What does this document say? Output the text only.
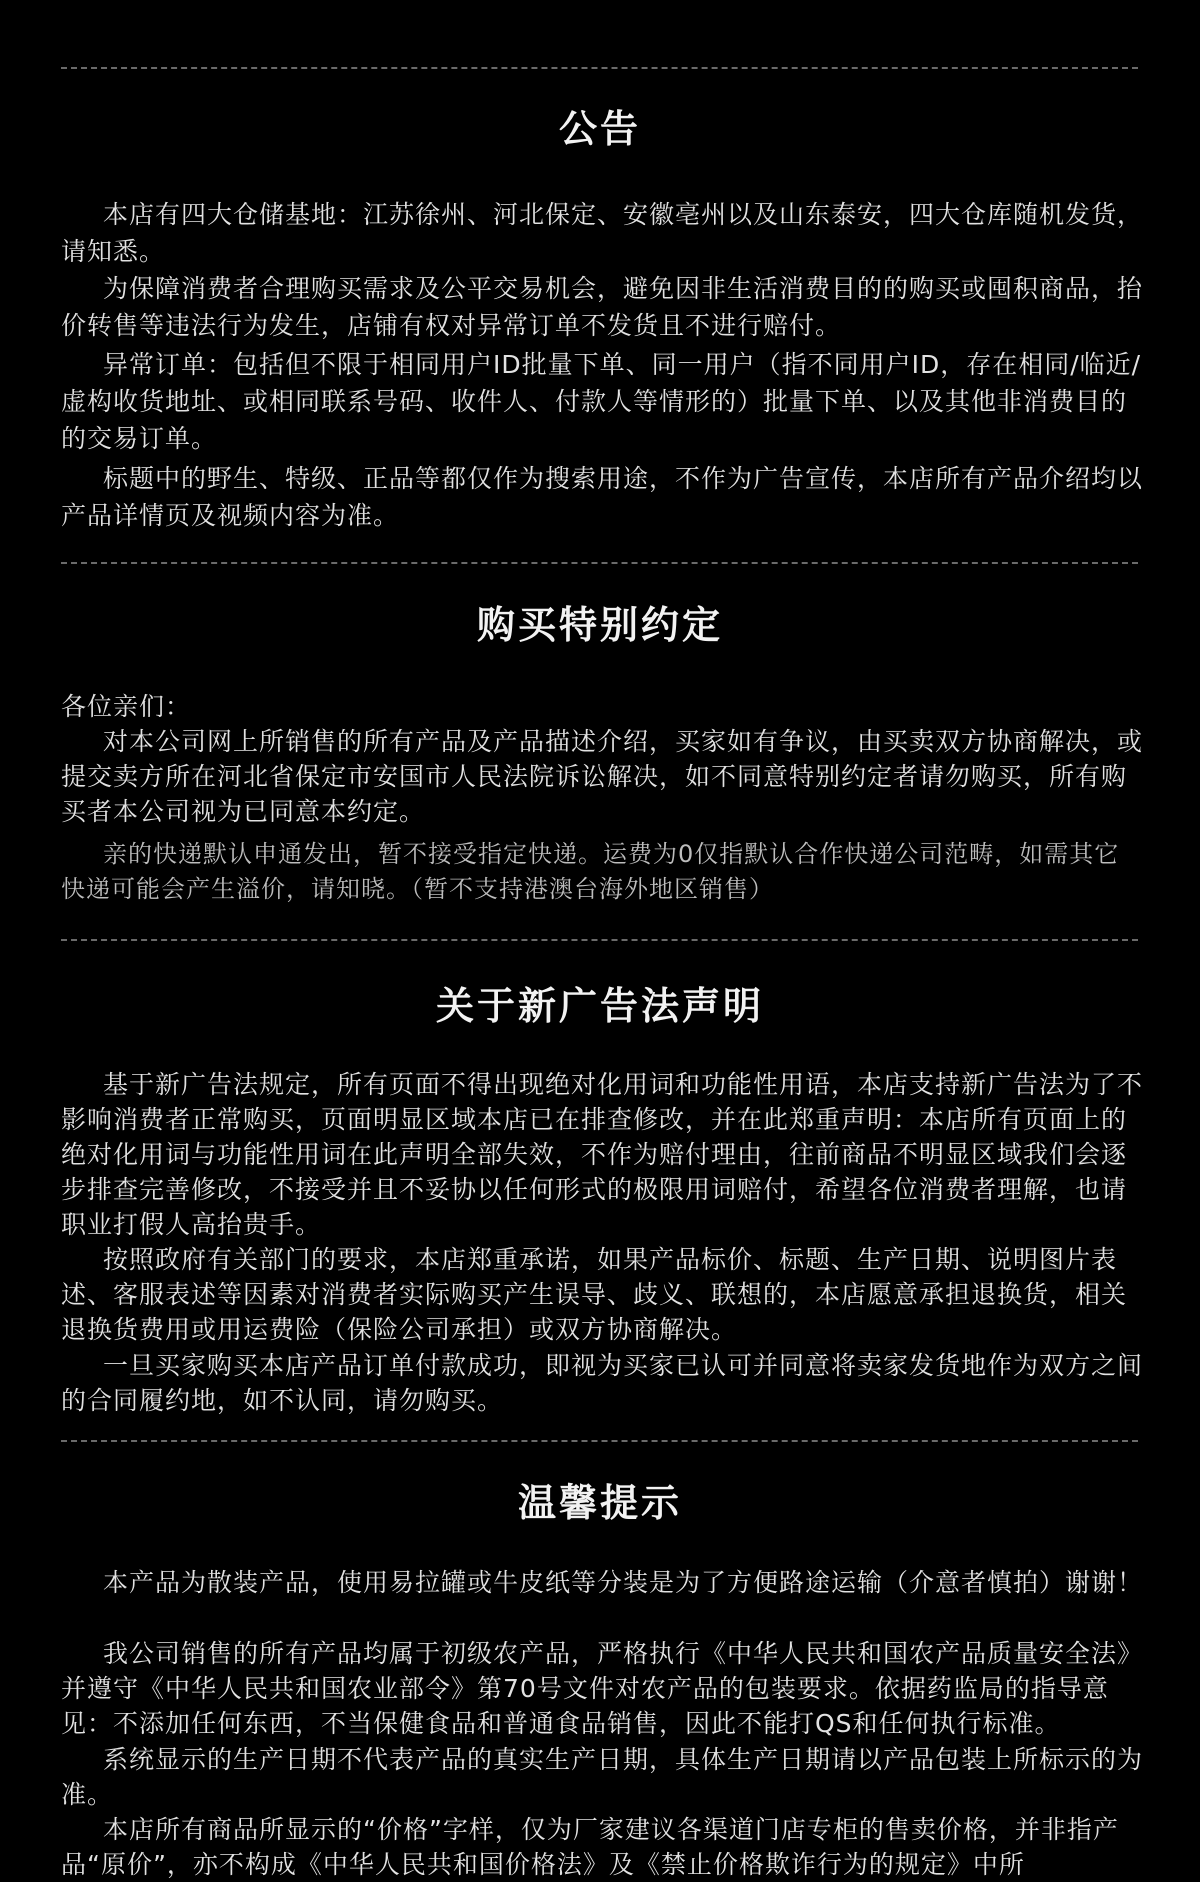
公告

本店有四大仓储基地：江苏徐州、河北保定、安徽亳州以及山东泰安，四大仓库随机发货，请知悉。

为保障消费者合理购买需求及公平交易机会，避免因非生活消费目的的购买或囤积商品，抬价转售等违法行为发生，店铺有权对异常订单不发货且不进行赔付。

异常订单：包括但不限于相同用户ID批量下单、同一用户（指不同用户ID，存在相同/临近/虚构收货地址、或相同联系号码、收件人、付款人等情形的）批量下单、以及其他非消费目的的交易订单。

标题中的野生、特级、正品等都仅作为搜索用途，不作为广告宣传，本店所有产品介绍均以产品详情页及视频内容为准。

购买特别约定

各位亲们：

对本公司网上所销售的所有产品及产品描述介绍，买家如有争议，由买卖双方协商解决，或提交卖方所在河北省保定市安国市人民法院诉讼解决，如不同意特别约定者请勿购买，所有购买者本公司视为已同意本约定。

亲的快递默认申通发出，暂不接受指定快递。运费为0仅指默认合作快递公司范畴，如需其它快递可能会产生溢价，请知晓。（暂不支持港澳台海外地区销售）

关于新广告法声明

基于新广告法规定，所有页面不得出现绝对化用词和功能性用语，本店支持新广告法为了不影响消费者正常购买，页面明显区域本店已在排查修改，并在此郑重声明：本店所有页面上的绝对化用词与功能性用词在此声明全部失效，不作为赔付理由，往前商品不明显区域我们会逐步排查完善修改，不接受并且不妥协以任何形式的极限用词赔付，希望各位消费者理解，也请职业打假人高抬贵手。

按照政府有关部门的要求，本店郑重承诺，如果产品标价、标题、生产日期、说明图片表述、客服表述等因素对消费者实际购买产生误导、歧义、联想的，本店愿意承担退换货，相关退换货费用或用运费险（保险公司承担）或双方协商解决。

一旦买家购买本店产品订单付款成功，即视为买家已认可并同意将卖家发货地作为双方之间的合同履约地，如不认同，请勿购买。

温馨提示

本产品为散装产品，使用易拉罐或牛皮纸等分装是为了方便路途运输（介意者慎拍）谢谢！

我公司销售的所有产品均属于初级农产品，严格执行《中华人民共和国农产品质量安全法》并遵守《中华人民共和国农业部令》第70号文件对农产品的包装要求。依据药监局的指导意见：不添加任何东西，不当保健食品和普通食品销售，因此不能打QS和任何执行标准。

系统显示的生产日期不代表产品的真实生产日期，具体生产日期请以产品包装上所标示的为准。

本店所有商品所显示的“价格”字样，仅为厂家建议各渠道门店专柜的售卖价格，并非指产品“原价”，亦不构成《中华人民共和国价格法》及《禁止价格欺诈行为的规定》中所
